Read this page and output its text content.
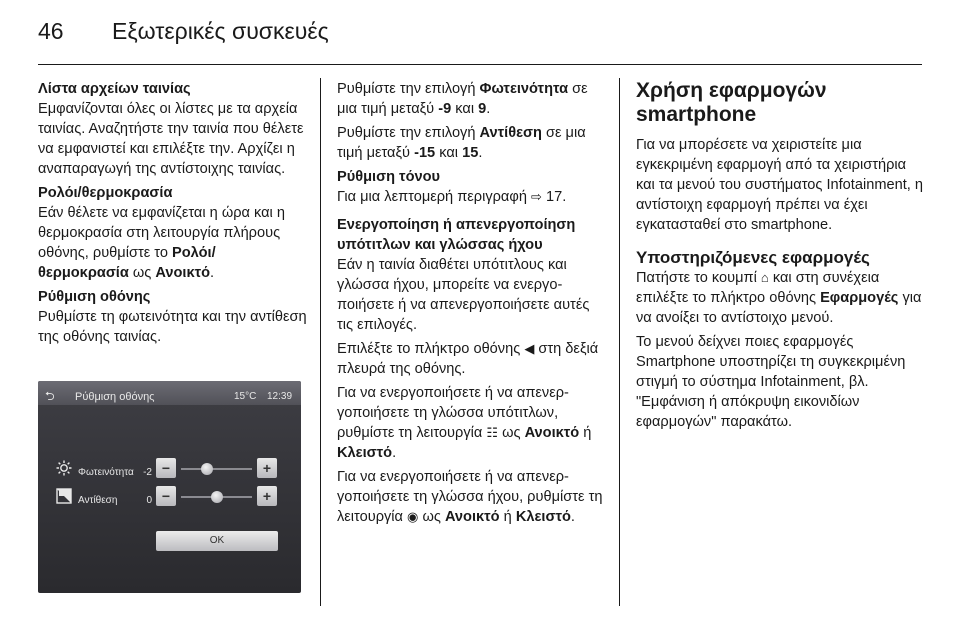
46 Εξωτερικές συσκευές

Λίστα αρχείων ταινίας

Εμφανίζονται όλες οι λίστες με τα αρχεία ταινίας. Αναζητήστε την ταινία που θέλετε να εμφανιστεί και επιλέξτε την. Αρχίζει η αναπαραγωγή της αντίστοιχης ταινίας.

Ρολόι/θερμοκρασία

Εάν θέλετε να εμφανίζεται η ώρα και η θερμοκρασία στη λειτουργία πλήρους οθόνης, ρυθμίστε το Ρολόι/ θερμοκρασία ως Ανοικτό.

Ρύθμιση οθόνης

Ρυθμίστε τη φωτεινότητα και την αντίθεση της οθόνης ταινίας.

⮌ Ρύθμιση οθόνης	15°C 12:39
Φωτεινότητα -2 −	+
Αντίθεση	0 −	+
OK

Ρυθμίστε την επιλογή Φωτεινότητα σε μια τιμή μεταξύ -9 και 9.

Ρυθμίστε την επιλογή Αντίθεση σε μια τιμή μεταξύ -15 και 15.

Ρύθμιση τόνου

Για μια λεπτομερή περιγραφή ⇨ 17.

Ενεργοποίηση ή απενεργοποίηση υπότιτλων και γλώσσας ήχου

Εάν η ταινία διαθέτει υπότιτλους και γλώσσα ήχου, μπορείτε να ενεργοποιήσετε ή να απενεργοποιήσετε αυτές τις επιλογές.

Επιλέξτε το πλήκτρο οθόνης ◀ στη δεξιά πλευρά της οθόνης.

Για να ενεργοποιήσετε ή να απενεργοποιήσετε τη γλώσσα υπότιτλων, ρυθμίστε τη λειτουργία ☷ ως Ανοικτό ή Κλειστό.

Για να ενεργοποιήσετε ή να απενεργοποιήσετε τη γλώσσα ήχου, ρυθμίστε τη λειτουργία ◉ ως Ανοικτό ή Κλειστό.

Χρήση εφαρμογών smartphone

Για να μπορέσετε να χειριστείτε μια εγκεκριμένη εφαρμογή από τα χειριστήρια και τα μενού του συστήματος Infotainment, η αντίστοιχη εφαρμογή πρέπει να έχει εγκατασταθεί στο smartphone.

Υποστηριζόμενες εφαρμογές

Πατήστε το κουμπί ⌂ και στη συνέχεια επιλέξτε το πλήκτρο οθόνης Εφαρμογές για να ανοίξει το αντίστοιχο μενού.

Το μενού δείχνει ποιες εφαρμογές Smartphone υποστηρίζει τη συγκεκριμένη στιγμή το σύστημα Infotainment, βλ. "Εμφάνιση ή απόκρυψη εικονιδίων εφαρμογών" παρακάτω.
